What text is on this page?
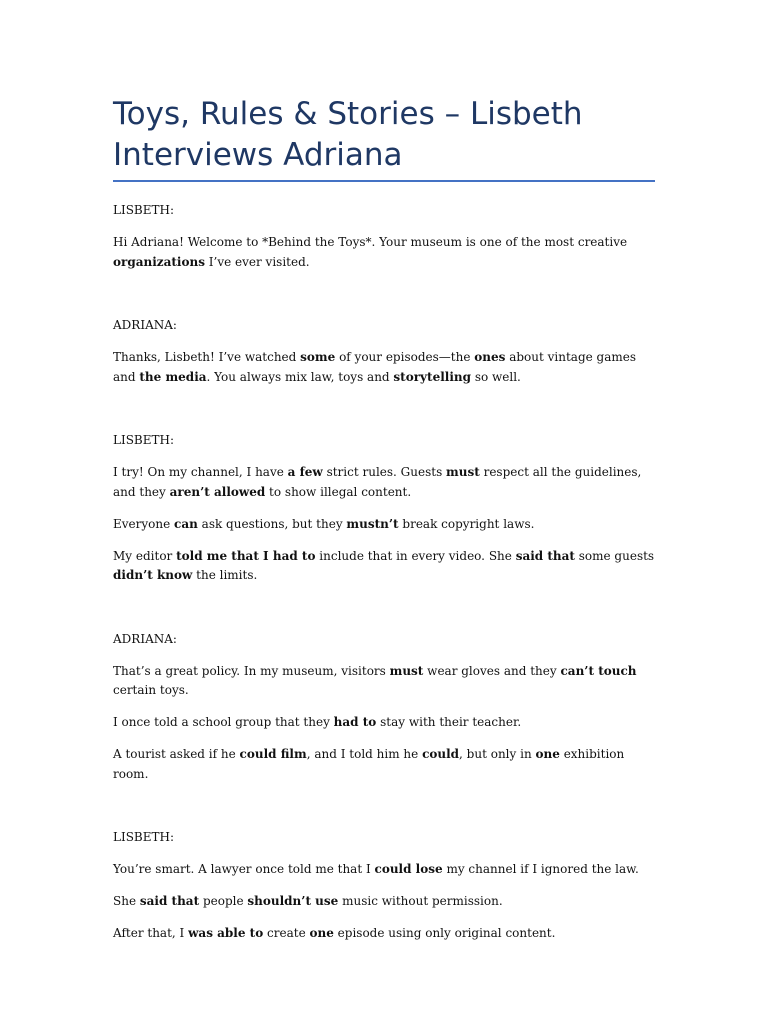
Toys, Rules & Stories – Lisbeth Interviews Adriana

LISBETH:

Hi Adriana! Welcome to *Behind the Toys*. Your museum is one of the most creative organizations I’ve ever visited.

ADRIANA:

Thanks, Lisbeth! I’ve watched some of your episodes—the ones about vintage games and the media. You always mix law, toys and storytelling so well.

LISBETH:

I try! On my channel, I have a few strict rules. Guests must respect all the guidelines, and they aren’t allowed to show illegal content.

Everyone can ask questions, but they mustn’t break copyright laws.

My editor told me that I had to include that in every video. She said that some guests didn’t know the limits.

ADRIANA:

That’s a great policy. In my museum, visitors must wear gloves and they can’t touch certain toys.

I once told a school group that they had to stay with their teacher.

A tourist asked if he could film, and I told him he could, but only in one exhibition room.

LISBETH:

You’re smart. A lawyer once told me that I could lose my channel if I ignored the law.

She said that people shouldn’t use music without permission.

After that, I was able to create one episode using only original content.
